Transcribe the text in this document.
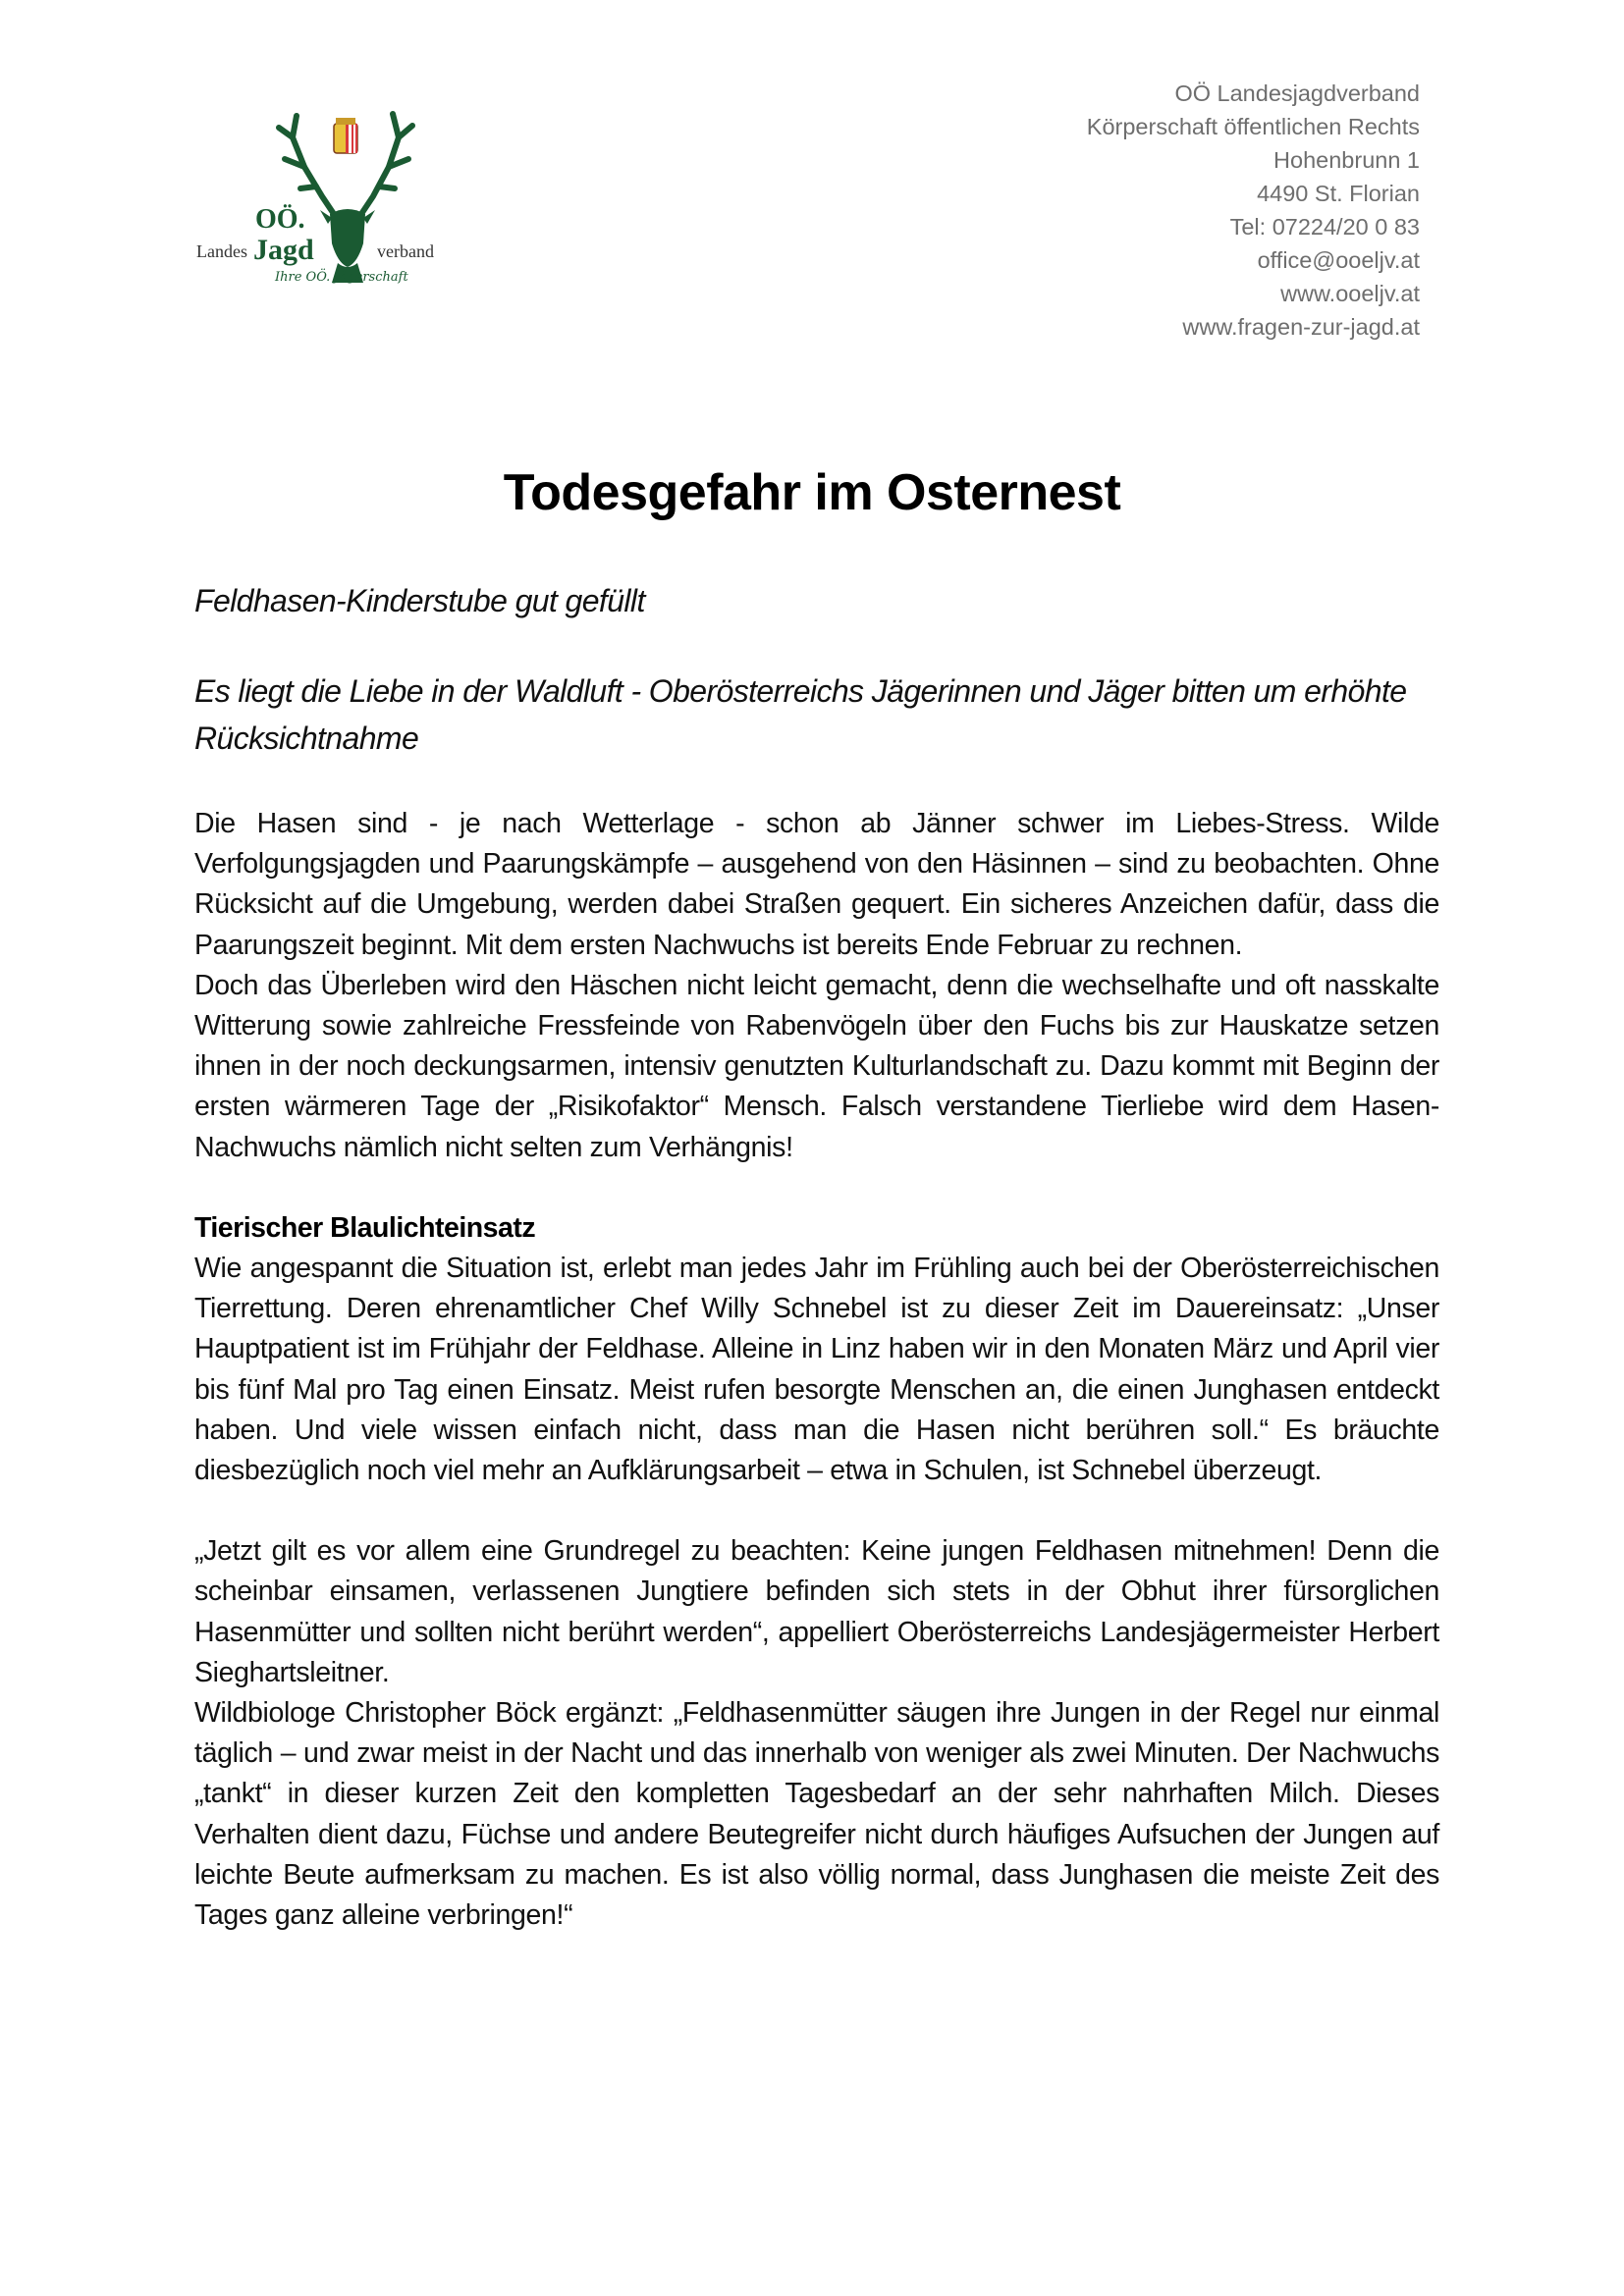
OÖ.
Landes Jagd	verband
Ihre OÖ. Jägerschaft
OÖ Landesjagdverband
Körperschaft öffentlichen Rechts
Hohenbrunn 1
4490 St. Florian
Tel: 07224/20 0 83
office@ooeljv.at
www.ooeljv.at
www.fragen-zur-jagd.at
Todesgefahr im Osternest

Feldhasen-Kinderstube gut gefüllt

Es liegt die Liebe in der Waldluft - Oberösterreichs Jägerinnen und Jäger bitten um erhöhte Rücksichtnahme

Die Hasen sind - je nach Wetterlage - schon ab Jänner schwer im Liebes-Stress. Wilde Verfolgungsjagden und Paarungskämpfe – ausgehend von den Häsinnen – sind zu beobachten. Ohne Rücksicht auf die Umgebung, werden dabei Straßen gequert. Ein sicheres Anzeichen dafür, dass die Paarungszeit beginnt. Mit dem ersten Nachwuchs ist bereits Ende Februar zu rechnen.

Doch das Überleben wird den Häschen nicht leicht gemacht, denn die wechselhafte und oft nasskalte Witterung sowie zahlreiche Fressfeinde von Rabenvögeln über den Fuchs bis zur Hauskatze setzen ihnen in der noch deckungsarmen, intensiv genutzten Kulturlandschaft zu. Dazu kommt mit Beginn der ersten wärmeren Tage der „Risikofaktor“ Mensch. Falsch verstandene Tierliebe wird dem Hasen-Nachwuchs nämlich nicht selten zum Verhängnis!

Tierischer Blaulichteinsatz

Wie angespannt die Situation ist, erlebt man jedes Jahr im Frühling auch bei der Oberösterreichischen Tierrettung. Deren ehrenamtlicher Chef Willy Schnebel ist zu dieser Zeit im Dauereinsatz: „Unser Hauptpatient ist im Frühjahr der Feldhase. Alleine in Linz haben wir in den Monaten März und April vier bis fünf Mal pro Tag einen Einsatz. Meist rufen besorgte Menschen an, die einen Junghasen entdeckt haben. Und viele wissen einfach nicht, dass man die Hasen nicht berühren soll.“ Es bräuchte diesbezüglich noch viel mehr an Aufklärungsarbeit – etwa in Schulen, ist Schnebel überzeugt.

„Jetzt gilt es vor allem eine Grundregel zu beachten: Keine jungen Feldhasen mitnehmen! Denn die scheinbar einsamen, verlassenen Jungtiere befinden sich stets in der Obhut ihrer fürsorglichen Hasenmütter und sollten nicht berührt werden“, appelliert Oberösterreichs Landesjägermeister Herbert Sieghartsleitner.

Wildbiologe Christopher Böck ergänzt: „Feldhasenmütter säugen ihre Jungen in der Regel nur einmal täglich – und zwar meist in der Nacht und das innerhalb von weniger als zwei Minuten. Der Nachwuchs „tankt“ in dieser kurzen Zeit den kompletten Tagesbedarf an der sehr nahrhaften Milch. Dieses Verhalten dient dazu, Füchse und andere Beutegreifer nicht durch häufiges Aufsuchen der Jungen auf leichte Beute aufmerksam zu machen. Es ist also völlig normal, dass Junghasen die meiste Zeit des Tages ganz alleine verbringen!“
